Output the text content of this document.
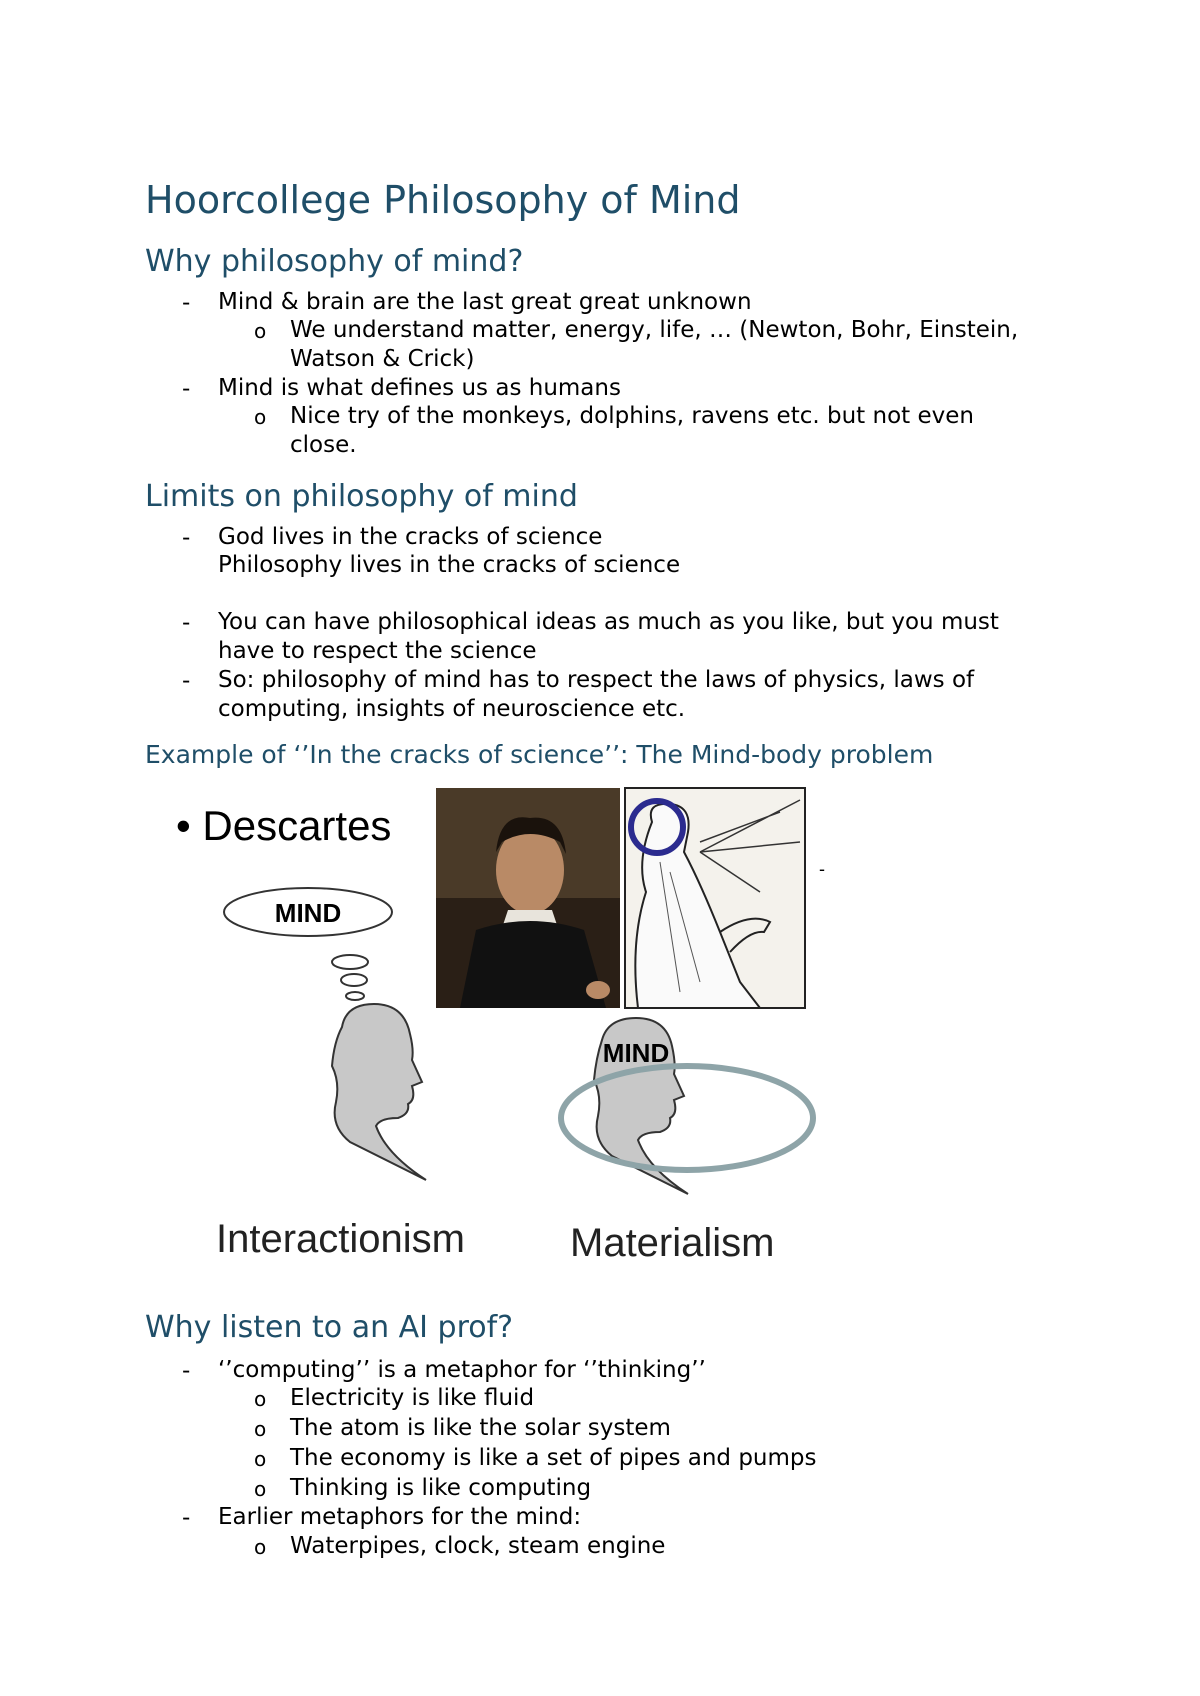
Hoorcollege Philosophy of Mind
Why philosophy of mind?
- Mind & brain are the last great great unknown
o We understand matter, energy, life, … (Newton, Bohr, Einstein,
Watson & Crick)
- Mind is what defines us as humans
o Nice try of the monkeys, dolphins, ravens etc. but not even
close.
Limits on philosophy of mind
- God lives in the cracks of science
Philosophy lives in the cracks of science
- You can have philosophical ideas as much as you like, but you must
have to respect the science
- So: philosophy of mind has to respect the laws of physics, laws of
computing, insights of neuroscience etc.
Example of ‘’In the cracks of science’’: The Mind-body problem
• Descartes
-
MIND
MIND
Interactionism	Materialism
Why listen to an AI prof?
- ‘’computing’’ is a metaphor for ‘’thinking’’
o Electricity is like fluid
o The atom is like the solar system
o The economy is like a set of pipes and pumps
o Thinking is like computing
- Earlier metaphors for the mind:
o Waterpipes, clock, steam engine
